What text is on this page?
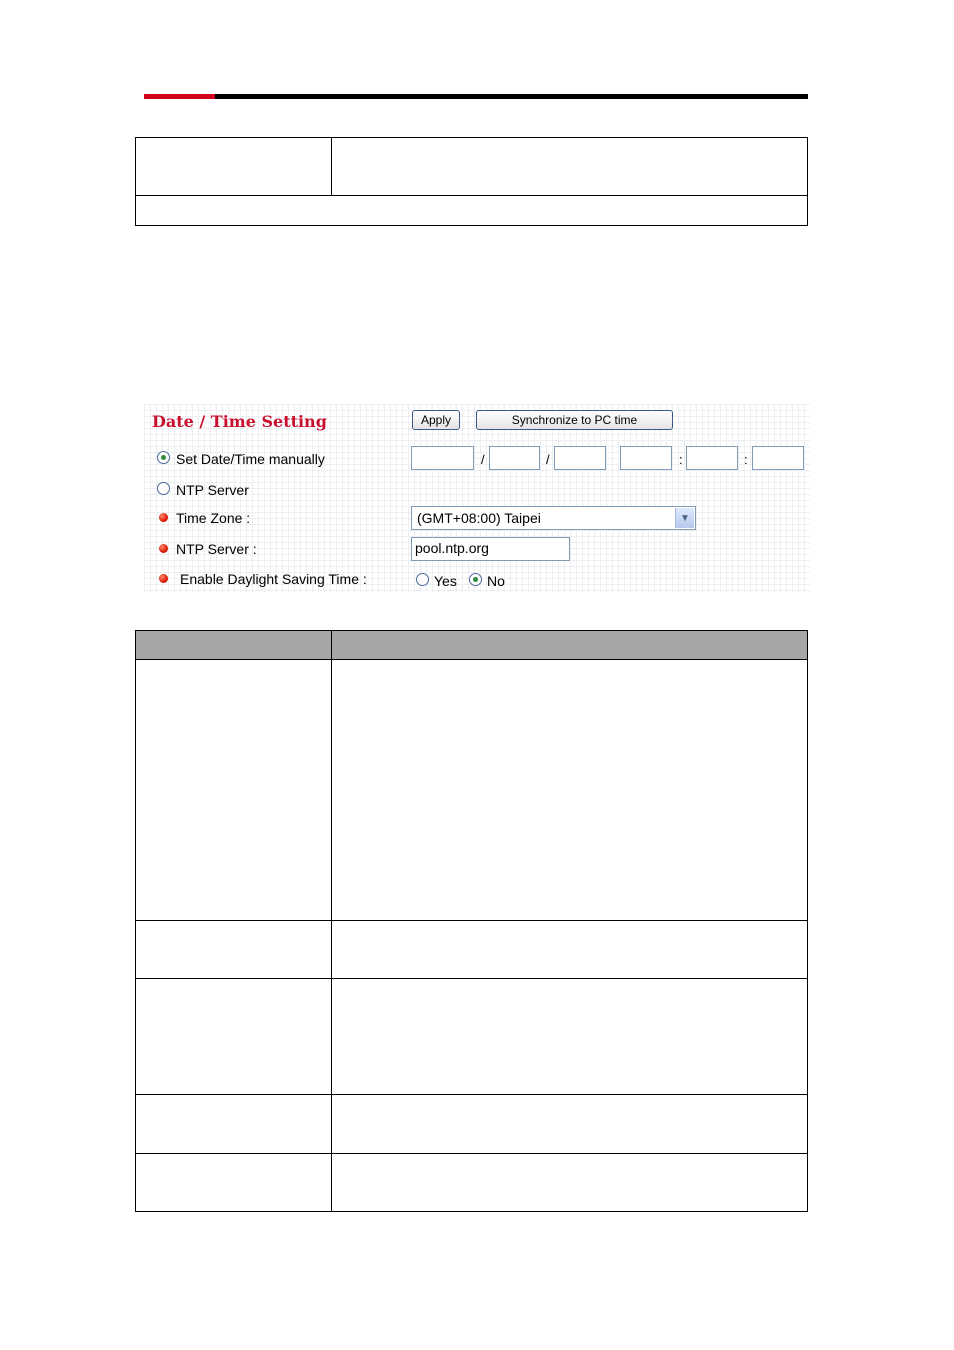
Date / Time Setting	Apply	Synchronize to PC time
Set Date/Time manually	/	/	:	:
NTP Server
Time Zone :	(GMT+08:00) Taipei	▼
NTP Server :	pool.ntp.org
Enable Daylight Saving Time :	Yes No
